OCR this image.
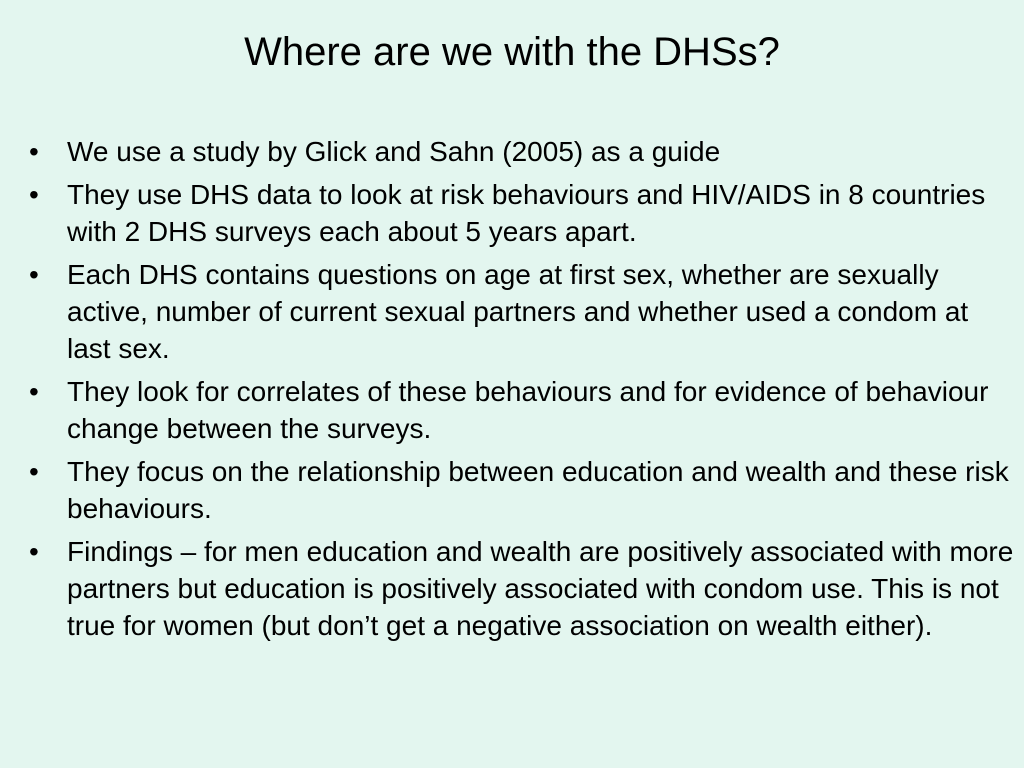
Where are we with the DHSs?
• We use a study by Glick and Sahn (2005) as a guide
• They use DHS data to look at risk behaviours and HIV/AIDS in 8 countries with 2 DHS surveys each about 5 years apart.
• Each DHS contains questions on age at first sex, whether are sexually active, number of current sexual partners and whether used a condom at last sex.
• They look for correlates of these behaviours and for evidence of behaviour change between the surveys.
• They focus on the relationship between education and wealth and these risk behaviours.
• Findings – for men education and wealth are positively associated with more partners but education is positively associated with condom use. This is not true for women (but don’t get a negative association on wealth either).
